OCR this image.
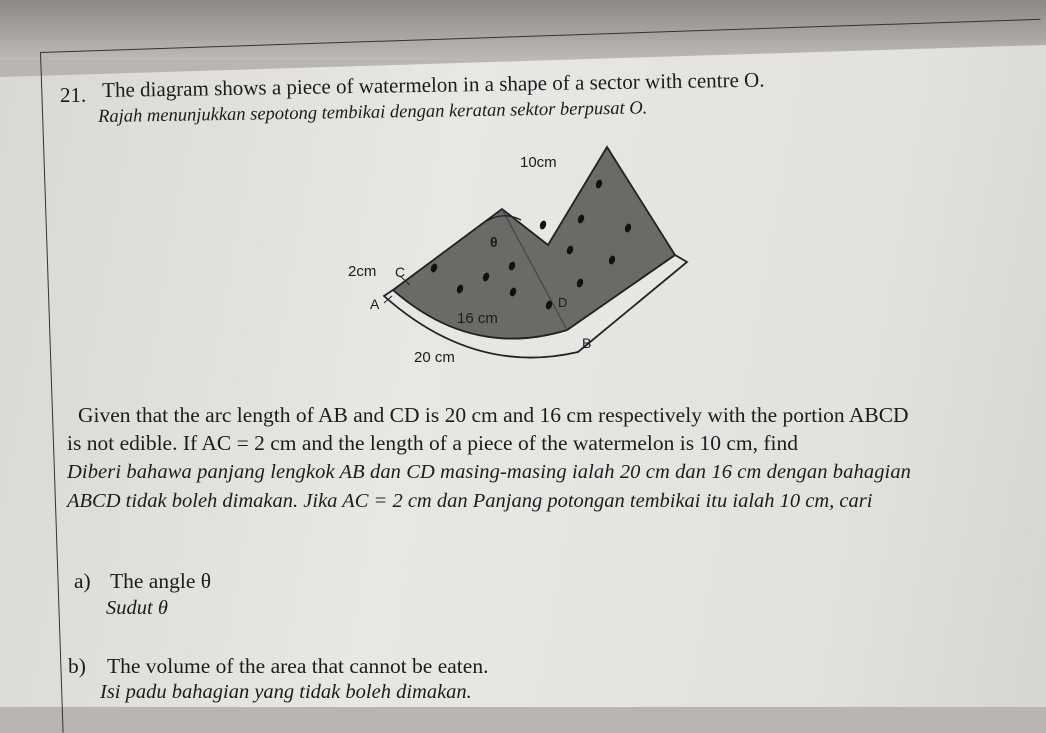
21. The diagram shows a piece of watermelon in a shape of a sector with centre O.
Rajah menunjukkan sepotong tembikai dengan keratan sektor berpusat O.
10cm
θ
2cm C
A
16 cm
D
B
20 cm
Given that the arc length of AB and CD is 20 cm and 16 cm respectively with the portion ABCD
is not edible. If AC = 2 cm and the length of a piece of the watermelon is 10 cm, find
Diberi bahawa panjang lengkok AB dan CD masing-masing ialah 20 cm dan 16 cm dengan bahagian
ABCD tidak boleh dimakan. Jika AC = 2 cm dan Panjang potongan tembikai itu ialah 10 cm, cari
a) The angle θ
Sudut θ
b) The volume of the area that cannot be eaten.
Isi padu bahagian yang tidak boleh dimakan.
